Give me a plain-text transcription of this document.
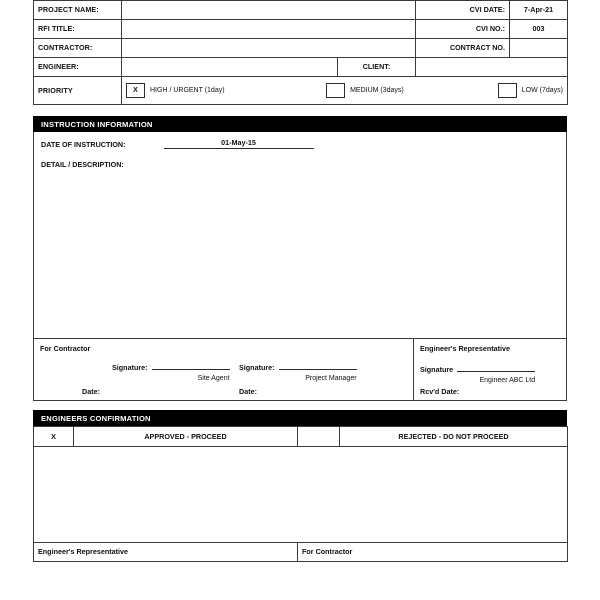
PROJECT NAME:			CVI DATE:	7-Apr-21
RFI TITLE:			CVI NO.:	003
CONTRACTOR:			CONTRACT NO.	
ENGINEER:		CLIENT:		
PRIORITY	X HIGH / URGENT (1day) MEDIUM (3days) LOW (7days)			
INSTRUCTION INFORMATION
DATE OF INSTRUCTION:	01-May-15
DETAIL / DESCRIPTION:
For Contractor
Signature:
Site Agent
Signature:
Project Manager
Date:	Date:
Engineer's Representative
Signature
Engineer ABC Ltd
Rcv'd Date:
ENGINEERS CONFIRMATION
X	APPROVED - PROCEED		REJECTED - DO NOT PROCEED

Engineer's Representative		For Contractor	
